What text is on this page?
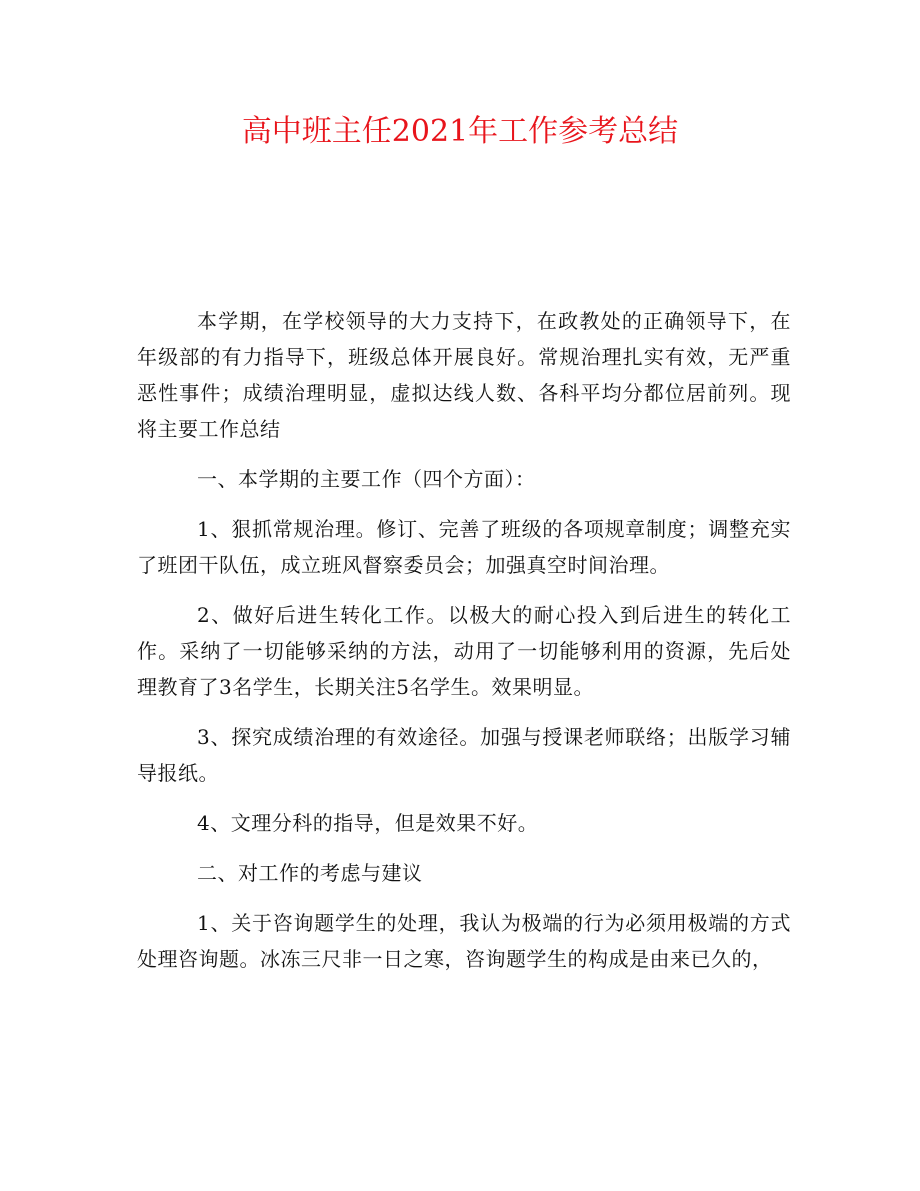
高中班主任2021年工作参考总结

本学期，在学校领导的大力支持下，在政教处的正确领导下，在年级部的有力指导下，班级总体开展良好。常规治理扎实有效，无严重恶性事件；成绩治理明显，虚拟达线人数、各科平均分都位居前列。现将主要工作总结

一、本学期的主要工作（四个方面）：

1、狠抓常规治理。修订、完善了班级的各项规章制度；调整充实了班团干队伍，成立班风督察委员会；加强真空时间治理。

2、做好后进生转化工作。以极大的耐心投入到后进生的转化工作。采纳了一切能够采纳的方法，动用了一切能够利用的资源，先后处理教育了3名学生，长期关注5名学生。效果明显。

3、探究成绩治理的有效途径。加强与授课老师联络；出版学习辅导报纸。

4、文理分科的指导，但是效果不好。

二、对工作的考虑与建议

1、关于咨询题学生的处理，我认为极端的行为必须用极端的方式处理咨询题。冰冻三尺非一日之寒，咨询题学生的构成是由来已久的，
